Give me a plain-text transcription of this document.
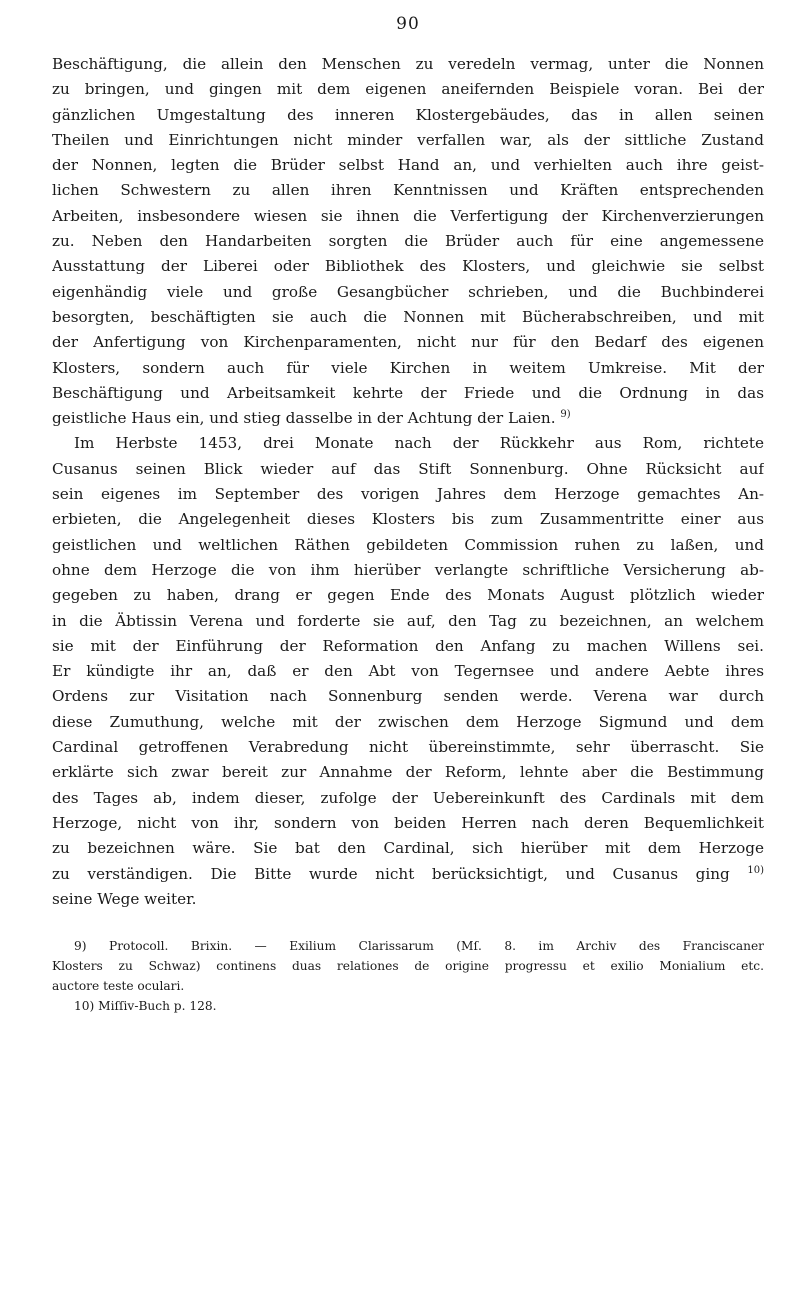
90
Beschäftigung, die allein den Menschen zu veredeln vermag, unter die Nonnen
zu bringen, und gingen mit dem eigenen aneifernden Beispiele voran. Bei der
gänzlichen Umgestaltung des inneren Klostergebäudes, das in allen seinen
Theilen und Einrichtungen nicht minder verfallen war, als der sittliche Zustand
der Nonnen, legten die Brüder selbst Hand an, und verhielten auch ihre geist-
lichen Schwestern zu allen ihren Kenntnissen und Kräften entsprechenden
Arbeiten, insbesondere wiesen sie ihnen die Verfertigung der Kirchenverzierungen
zu. Neben den Handarbeiten sorgten die Brüder auch für eine angemessene
Ausstattung der Liberei oder Bibliothek des Klosters, und gleichwie sie selbst
eigenhändig viele und große Gesangbücher schrieben, und die Buchbinderei
besorgten, beschäftigten sie auch die Nonnen mit Bücherabschreiben, und mit
der Anfertigung von Kirchenparamenten, nicht nur für den Bedarf des eigenen
Klosters, sondern auch für viele Kirchen in weitem Umkreise. Mit der
Beschäftigung und Arbeitsamkeit kehrte der Friede und die Ordnung in das
geistliche Haus ein, und stieg dasselbe in der Achtung der Laien. $^{9)}$
Im Herbste 1453, drei Monate nach der Rückkehr aus Rom, richtete
Cusanus seinen Blick wieder auf das Stift Sonnenburg. Ohne Rücksicht auf
sein eigenes im September des vorigen Jahres dem Herzoge gemachtes An-
erbieten, die Angelegenheit dieses Klosters bis zum Zusammentritte einer aus
geistlichen und weltlichen Räthen gebildeten Commission ruhen zu laßen, und
ohne dem Herzoge die von ihm hierüber verlangte schriftliche Versicherung ab-
gegeben zu haben, drang er gegen Ende des Monats August plötzlich wieder
in die Äbtissin Verena und forderte sie auf, den Tag zu bezeichnen, an welchem
sie mit der Einführung der Reformation den Anfang zu machen Willens sei.
Er kündigte ihr an, daß er den Abt von Tegernsee und andere Aebte ihres
Ordens zur Visitation nach Sonnenburg senden werde. Verena war durch
diese Zumuthung, welche mit der zwischen dem Herzoge Sigmund und dem
Cardinal getroffenen Verabredung nicht übereinstimmte, sehr überrascht. Sie
erklärte sich zwar bereit zur Annahme der Reform, lehnte aber die Bestimmung
des Tages ab, indem dieser, zufolge der Uebereinkunft des Cardinals mit dem
Herzoge, nicht von ihr, sondern von beiden Herren nach deren Bequemlichkeit
zu bezeichnen wäre. Sie bat den Cardinal, sich hierüber mit dem Herzoge
zu verständigen. Die Bitte wurde nicht berücksichtigt, und Cusanus ging $^{10)}$
seine Wege weiter.
9) Protocoll. Brixin. — Exilium Clarissarum (Mſ. 8. im Archiv des Franciscaner
Klosters zu Schwaz) continens duas relationes de origine progressu et exilio Monialium etc.
auctore teste oculari.
10) Miſſiv-Buch p. 128.
